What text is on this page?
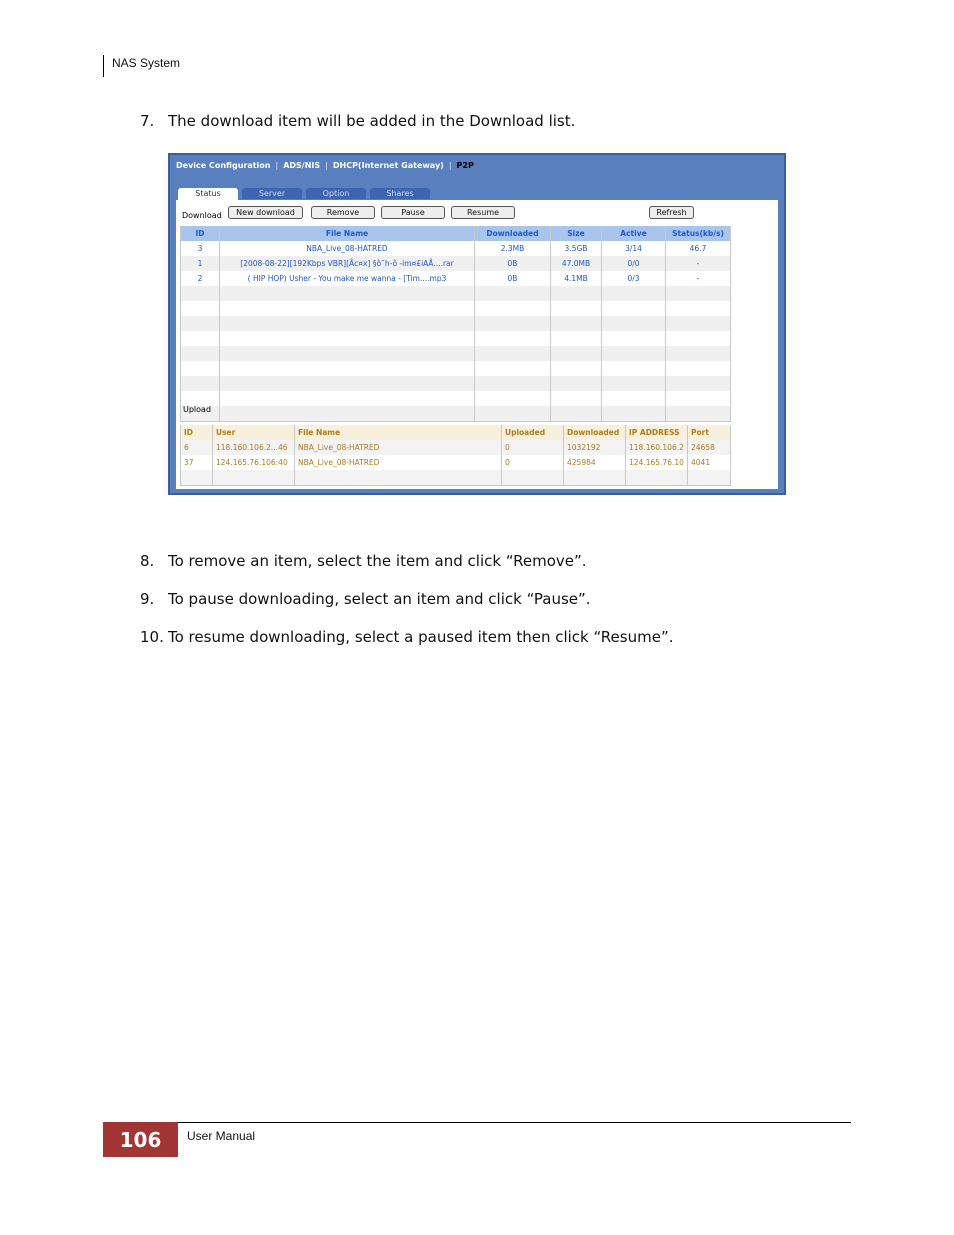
NAS System
7. The download item will be added in the Download list.
Device Configuration | ADS/NIS | DHCP(Internet Gateway) | P2P
Status	Server	Option	Shares
Download	New download	Remove	Pause	Resume	Refresh
ID	File Name	Downloaded	Size	Active	Status(kb/s)
3	NBA_Live_08-HATRED	2.3MB	3.5GB	3/14	46.7
1	[2008-08-22][192Kbps VBR][Åc¤x] §ô¯h-ô -im¤£iAÅ....rar	0B	47.0MB	0/0	-
2	( HIP HOP) Usher - You make me wanna - [Tim....mp3	0B	4.1MB	0/3	-

Upload
ID	User	File Name	Uploaded	Downloaded	IP ADDRESS	Port
6	118.160.106.2...46	NBA_Live_08-HATRED	0	1032192	118.160.106.2	24658
37	124.165.76.106:40	NBA_Live_08-HATRED	0	425984	124.165.76.10	4041

8. To remove an item, select the item and click “Remove”.
9. To pause downloading, select an item and click “Pause”.
10. To resume downloading, select a paused item then click “Resume”.
106	User Manual
